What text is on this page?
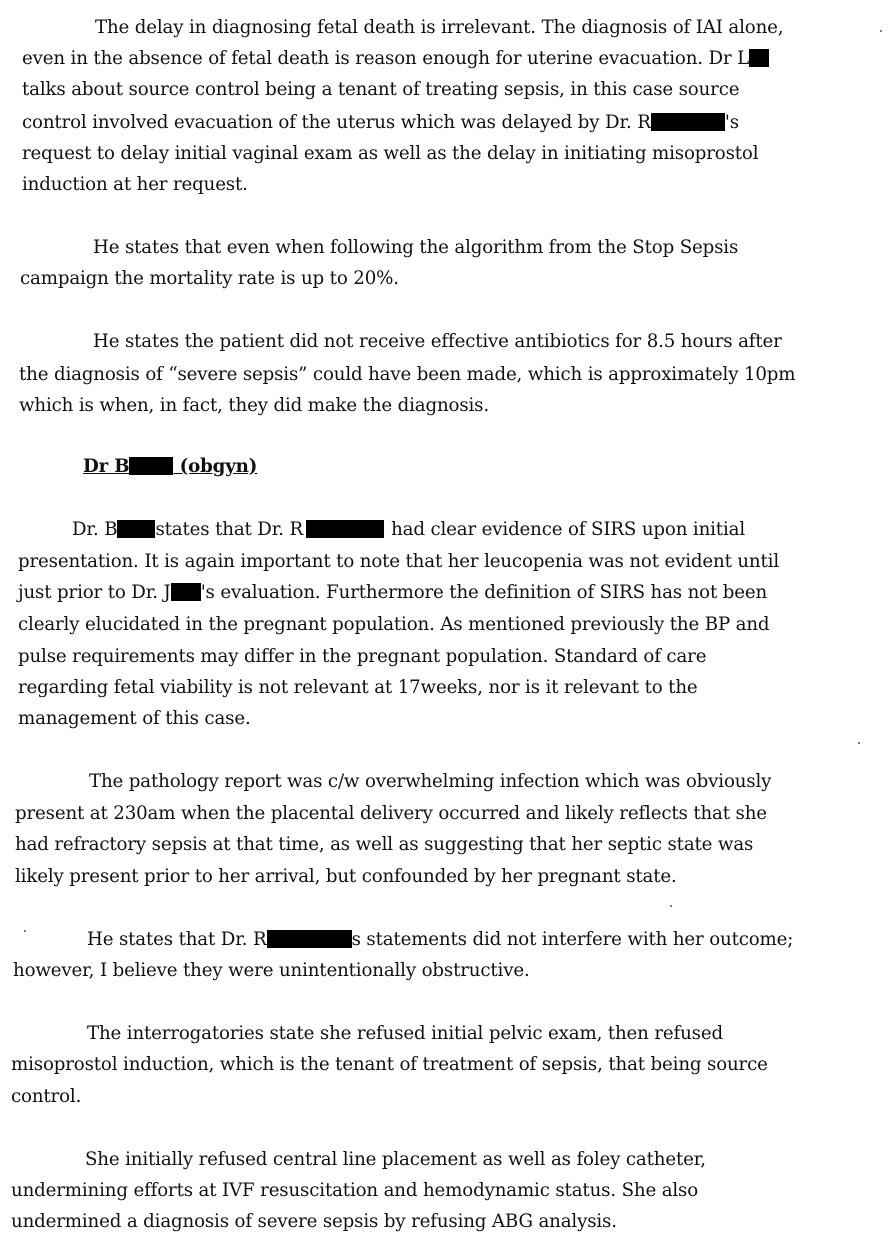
The delay in diagnosing fetal death is irrelevant. The diagnosis of IAI alone,
even in the absence of fetal death is reason enough for uterine evacuation. Dr L
talks about source control being a tenant of treating sepsis, in this case source
control involved evacuation of the uterus which was delayed by Dr. R	's
request to delay initial vaginal exam as well as the delay in initiating misoprostol
induction at her request.
He states that even when following the algorithm from the Stop Sepsis
campaign the mortality rate is up to 20%.
He states the patient did not receive effective antibiotics for 8.5 hours after
the diagnosis of “severe sepsis” could have been made, which is approximately 10pm
which is when, in fact, they did make the diagnosis.
Dr B (obgyn)
Dr. B states that Dr. R	had clear evidence of SIRS upon initial
presentation. It is again important to note that her leucopenia was not evident until
just prior to Dr. J 's evaluation. Furthermore the definition of SIRS has not been
clearly elucidated in the pregnant population. As mentioned previously the BP and
pulse requirements may differ in the pregnant population. Standard of care
regarding fetal viability is not relevant at 17weeks, nor is it relevant to the
management of this case.
The pathology report was c/w overwhelming infection which was obviously
present at 230am when the placental delivery occurred and likely reflects that she
had refractory sepsis at that time, as well as suggesting that her septic state was
likely present prior to her arrival, but confounded by her pregnant state.
He states that Dr. R	s statements did not interfere with her outcome;
however, I believe they were unintentionally obstructive.
The interrogatories state she refused initial pelvic exam, then refused
misoprostol induction, which is the tenant of treatment of sepsis, that being source
control.
She initially refused central line placement as well as foley catheter,
undermining efforts at IVF resuscitation and hemodynamic status. She also
undermined a diagnosis of severe sepsis by refusing ABG analysis.
